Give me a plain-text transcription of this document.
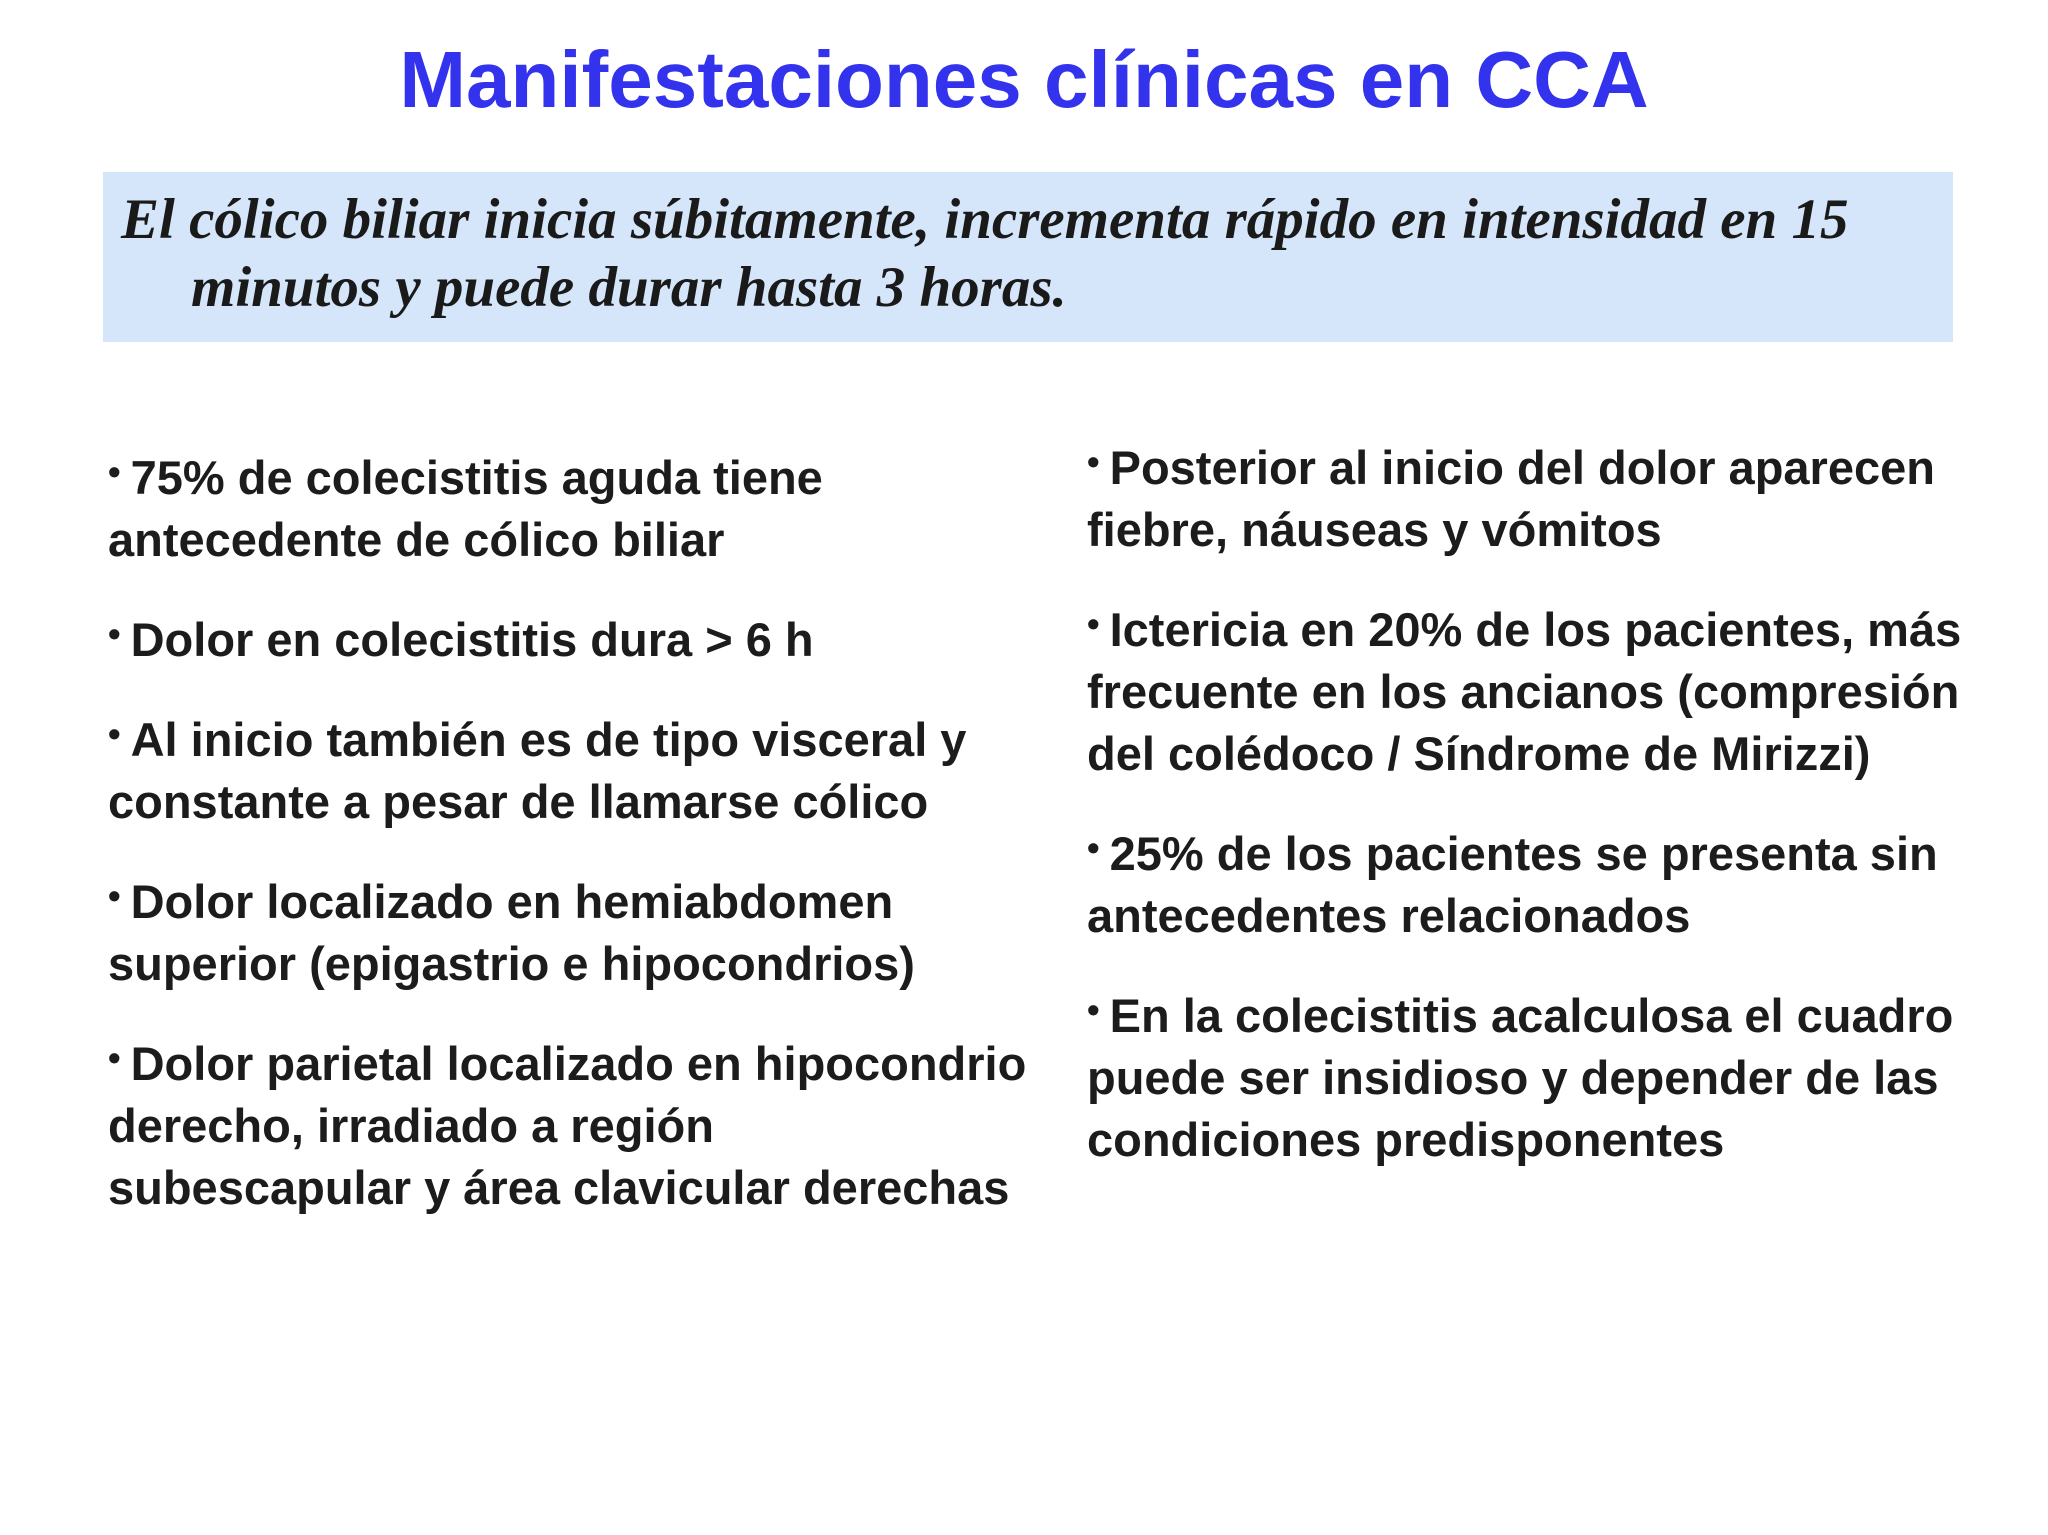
Manifestaciones clínicas en CCA

El cólico biliar inicia súbitamente, incrementa rápido en intensidad en 15 minutos y puede durar hasta 3 horas.

• 75% de colecistitis aguda tiene antecedente de cólico biliar
• Dolor en colecistitis dura > 6 h
• Al inicio también es de tipo visceral y constante a pesar de llamarse cólico
• Dolor localizado en hemiabdomen superior (epigastrio e hipocondrios)
• Dolor parietal localizado en hipocondrio derecho, irradiado a región subescapular y área clavicular derechas
• Posterior al inicio del dolor aparecen fiebre, náuseas y vómitos
• Ictericia en 20% de los pacientes, más frecuente en los ancianos (compresión del colédoco / Síndrome de Mirizzi)
• 25% de los pacientes se presenta sin antecedentes relacionados
• En la colecistitis acalculosa el cuadro puede ser insidioso y depender de las condiciones predisponentes
